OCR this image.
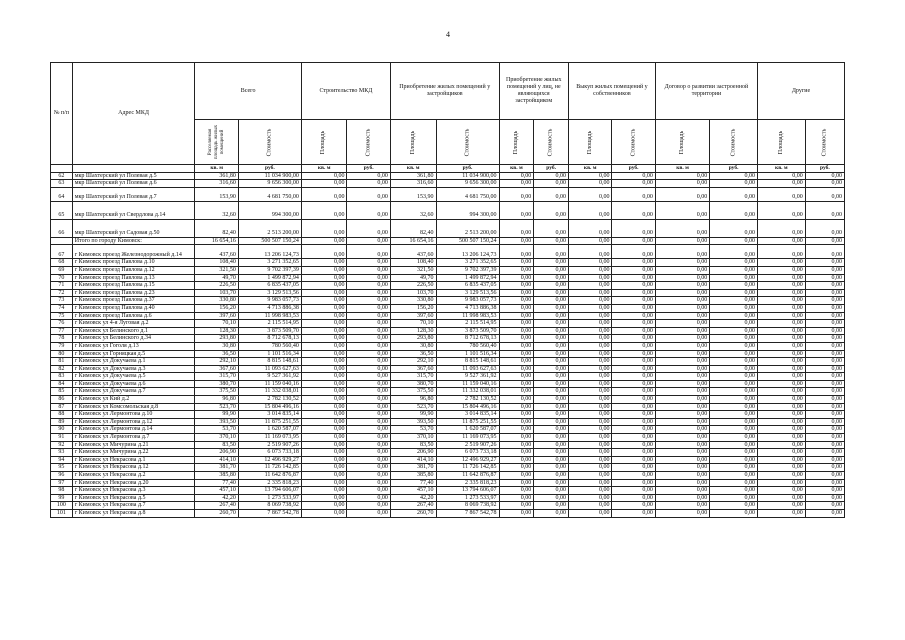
4
№ п/п	Адрес МКД	Всего		Строительство МКД		Приобретение жилых помещений у застройщиков		Приобретение жилых помещений у лиц, не являющихся застройщиком		Выкуп жилых помещений у собственников		Договор о развитии застроенной территории		Другие	
		Расселяемая площадь жилых помещений	Стоимость	Площадь	Стоимость	Площадь	Стоимость	Площадь	Стоимость	Площадь	Стоимость	Площадь	Стоимость	Площадь	Стоимость
		кв. м	руб.	кв. м	руб.	кв. м	руб.	кв. м	руб.	кв. м	руб.	кв. м	руб.	кв. м	руб.
62	мкр Шахтерский ул Полевая д.5	361,80	11 034 900,00	0,00	0,00	361,80	11 034 900,00	0,00	0,00	0,00	0,00	0,00	0,00	0,00	0,00
63	мкр Шахтерский ул Полевая д.6	316,60	9 656 300,00	0,00	0,00	316,60	9 656 300,00	0,00	0,00	0,00	0,00	0,00	0,00	0,00	0,00
64	мкр Шахтерский ул Полевая д.7	153,90	4 681 750,00	0,00	0,00	153,90	4 681 750,00	0,00	0,00	0,00	0,00	0,00	0,00	0,00	0,00
65	мкр Шахтерский ул Свердлова д.14	32,60	994 300,00	0,00	0,00	32,60	994 300,00	0,00	0,00	0,00	0,00	0,00	0,00	0,00	0,00
66	мкр Шахтерский ул Садовая д.50	82,40	2 513 200,00	0,00	0,00	82,40	2 513 200,00	0,00	0,00	0,00	0,00	0,00	0,00	0,00	0,00
	Итого по городу Кимовск:	16 654,16	500 507 150,24	0,00	0,00	16 654,16	500 507 150,24	0,00	0,00	0,00	0,00	0,00	0,00	0,00	0,00
67	г Кимовск проезд Железнодорожный д.14	437,60	13 206 124,73	0,00	0,00	437,60	13 206 124,73	0,00	0,00	0,00	0,00	0,00	0,00	0,00	0,00
68	г Кимовск проезд Павлова д.10	108,40	3 271 352,65	0,00	0,00	108,40	3 271 352,65	0,00	0,00	0,00	0,00	0,00	0,00	0,00	0,00
69	г Кимовск проезд Павлова д.12	321,50	9 702 397,39	0,00	0,00	321,50	9 702 397,39	0,00	0,00	0,00	0,00	0,00	0,00	0,00	0,00
70	г Кимовск проезд Павлова д.13	49,70	1 499 872,94	0,00	0,00	49,70	1 499 872,94	0,00	0,00	0,00	0,00	0,00	0,00	0,00	0,00
71	г Кимовск проезд Павлова д.15	226,50	6 835 437,05	0,00	0,00	226,50	6 835 437,05	0,00	0,00	0,00	0,00	0,00	0,00	0,00	0,00
72	г Кимовск проезд Павлова д.23	103,70	3 129 513,56	0,00	0,00	103,70	3 129 513,56	0,00	0,00	0,00	0,00	0,00	0,00	0,00	0,00
73	г Кимовск проезд Павлова д.37	330,80	9 983 057,73	0,00	0,00	330,80	9 983 057,73	0,00	0,00	0,00	0,00	0,00	0,00	0,00	0,00
74	г Кимовск проезд Павлова д.40	156,20	4 713 886,38	0,00	0,00	156,20	4 713 886,38	0,00	0,00	0,00	0,00	0,00	0,00	0,00	0,00
75	г Кимовск проезд Павлова д.6	397,60	11 998 983,53	0,00	0,00	397,60	11 998 983,53	0,00	0,00	0,00	0,00	0,00	0,00	0,00	0,00
76	г Кимовск ул 4-я Луговая д.2	70,10	2 115 514,95	0,00	0,00	70,10	2 115 514,95	0,00	0,00	0,00	0,00	0,00	0,00	0,00	0,00
77	г Кимовск ул Белинского д.1	128,30	3 873 509,70	0,00	0,00	128,30	3 873 509,70	0,00	0,00	0,00	0,00	0,00	0,00	0,00	0,00
78	г Кимовск ул Белинского д.34	293,80	8 712 678,13	0,00	0,00	293,80	8 712 678,13	0,00	0,00	0,00	0,00	0,00	0,00	0,00	0,00
79	г Кимовск ул Гоголя д.13	30,80	780 560,40	0,00	0,00	30,80	780 560,40	0,00	0,00	0,00	0,00	0,00	0,00	0,00	0,00
80	г Кимовск ул Горняцкая д.5	36,50	1 101 516,34	0,00	0,00	36,50	1 101 516,34	0,00	0,00	0,00	0,00	0,00	0,00	0,00	0,00
81	г Кимовск ул Докучаева д.1	292,10	8 815 148,61	0,00	0,00	292,10	8 815 148,61	0,00	0,00	0,00	0,00	0,00	0,00	0,00	0,00
82	г Кимовск ул Докучаева д.3	367,60	11 093 627,63	0,00	0,00	367,60	11 093 627,63	0,00	0,00	0,00	0,00	0,00	0,00	0,00	0,00
83	г Кимовск ул Докучаева д.5	315,70	9 527 361,92	0,00	0,00	315,70	9 527 361,92	0,00	0,00	0,00	0,00	0,00	0,00	0,00	0,00
84	г Кимовск ул Докучаева д.6	380,70	11 159 040,16	0,00	0,00	380,70	11 159 040,16	0,00	0,00	0,00	0,00	0,00	0,00	0,00	0,00
85	г Кимовск ул Докучаева д.7	375,50	11 332 038,01	0,00	0,00	375,50	11 332 038,01	0,00	0,00	0,00	0,00	0,00	0,00	0,00	0,00
86	г Кимовск ул Кий д.2	96,80	2 782 130,52	0,00	0,00	96,80	2 782 130,52	0,00	0,00	0,00	0,00	0,00	0,00	0,00	0,00
87	г Кимовск ул Комсомольская д.8	523,70	15 804 496,16	0,00	0,00	523,70	15 804 496,16	0,00	0,00	0,00	0,00	0,00	0,00	0,00	0,00
88	г Кимовск ул Лермонтова д.10	99,90	3 014 835,14	0,00	0,00	99,90	3 014 835,14	0,00	0,00	0,00	0,00	0,00	0,00	0,00	0,00
89	г Кимовск ул Лермонтова д.12	393,50	11 875 251,55	0,00	0,00	393,50	11 875 251,55	0,00	0,00	0,00	0,00	0,00	0,00	0,00	0,00
90	г Кимовск ул Лермонтова д.14	53,70	1 620 587,07	0,00	0,00	53,70	1 620 587,07	0,00	0,00	0,00	0,00	0,00	0,00	0,00	0,00
91	г Кимовск ул Лермонтова д.7	370,10	11 169 073,95	0,00	0,00	370,10	11 169 073,95	0,00	0,00	0,00	0,00	0,00	0,00	0,00	0,00
92	г Кимовск ул Мичурина д.21	83,50	2 519 907,26	0,00	0,00	83,50	2 519 907,26	0,00	0,00	0,00	0,00	0,00	0,00	0,00	0,00
93	г Кимовск ул Мичурина д.22	206,90	6 073 733,18	0,00	0,00	206,90	6 073 733,18	0,00	0,00	0,00	0,00	0,00	0,00	0,00	0,00
94	г Кимовск ул Некрасова д.1	414,10	12 496 929,27	0,00	0,00	414,10	12 496 929,27	0,00	0,00	0,00	0,00	0,00	0,00	0,00	0,00
95	г Кимовск ул Некрасова д.12	381,70	11 726 142,85	0,00	0,00	381,70	11 726 142,85	0,00	0,00	0,00	0,00	0,00	0,00	0,00	0,00
96	г Кимовск ул Некрасова д.2	385,80	11 642 876,87	0,00	0,00	385,80	11 642 876,87	0,00	0,00	0,00	0,00	0,00	0,00	0,00	0,00
97	г Кимовск ул Некрасова д.20	77,40	2 335 818,23	0,00	0,00	77,40	2 335 818,23	0,00	0,00	0,00	0,00	0,00	0,00	0,00	0,00
98	г Кимовск ул Некрасова д.3	457,10	13 794 606,07	0,00	0,00	457,10	13 794 606,07	0,00	0,00	0,00	0,00	0,00	0,00	0,00	0,00
99	г Кимовск ул Некрасова д.5	42,20	1 273 533,97	0,00	0,00	42,20	1 273 533,97	0,00	0,00	0,00	0,00	0,00	0,00	0,00	0,00
100	г Кимовск ул Некрасова д.7	267,40	8 069 738,92	0,00	0,00	267,40	8 069 738,92	0,00	0,00	0,00	0,00	0,00	0,00	0,00	0,00
101	г Кимовск ул Некрасова д.8	260,70	7 867 542,78	0,00	0,00	260,70	7 867 542,78	0,00	0,00	0,00	0,00	0,00	0,00	0,00	0,00
